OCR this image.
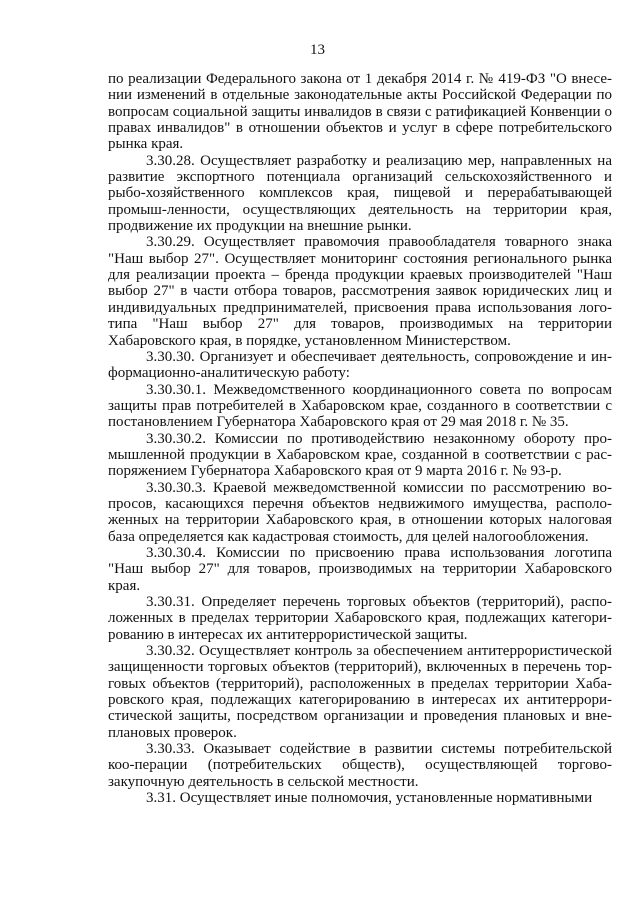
13

по реализации Федерального закона от 1 декабря 2014 г. № 419-ФЗ "О внесе-нии изменений в отдельные законодательные акты Российской Федерации по вопросам социальной защиты инвалидов в связи с ратификацией Конвенции о правах инвалидов" в отношении объектов и услуг в сфере потребительского рынка края.

3.30.28. Осуществляет разработку и реализацию мер, направленных на развитие экспортного потенциала организаций сельскохозяйственного и рыбо-хозяйственного комплексов края, пищевой и перерабатывающей промыш-ленности, осуществляющих деятельность на территории края, продвижение их продукции на внешние рынки.

3.30.29. Осуществляет правомочия правообладателя товарного знака "Наш выбор 27". Осуществляет мониторинг состояния регионального рынка для реализации проекта – бренда продукции краевых производителей "Наш выбор 27" в части отбора товаров, рассмотрения заявок юридических лиц и индивидуальных предпринимателей, присвоения права использования лого-типа "Наш выбор 27" для товаров, производимых на территории Хабаровского края, в порядке, установленном Министерством.

3.30.30. Организует и обеспечивает деятельность, сопровождение и ин-формационно-аналитическую работу:

3.30.30.1. Межведомственного координационного совета по вопросам защиты прав потребителей в Хабаровском крае, созданного в соответствии с постановлением Губернатора Хабаровского края от 29 мая 2018 г. № 35.

3.30.30.2. Комиссии по противодействию незаконному обороту про-мышленной продукции в Хабаровском крае, созданной в соответствии с рас-поряжением Губернатора Хабаровского края от 9 марта 2016 г. № 93-р.

3.30.30.3. Краевой межведомственной комиссии по рассмотрению во-просов, касающихся перечня объектов недвижимого имущества, располо-женных на территории Хабаровского края, в отношении которых налоговая база определяется как кадастровая стоимость, для целей налогообложения.

3.30.30.4. Комиссии по присвоению права использования логотипа "Наш выбор 27" для товаров, производимых на территории Хабаровского края.

3.30.31. Определяет перечень торговых объектов (территорий), распо-ложенных в пределах территории Хабаровского края, подлежащих категори-рованию в интересах их антитеррористической защиты.

3.30.32. Осуществляет контроль за обеспечением антитеррористической защищенности торговых объектов (территорий), включенных в перечень тор-говых объектов (территорий), расположенных в пределах территории Хаба-ровского края, подлежащих категорированию в интересах их антитеррори-стической защиты, посредством организации и проведения плановых и вне-плановых проверок.

3.30.33. Оказывает содействие в развитии системы потребительской коо-перации (потребительских обществ), осуществляющей торгово-закупочную деятельность в сельской местности.

3.31. Осуществляет иные полномочия, установленные нормативными
